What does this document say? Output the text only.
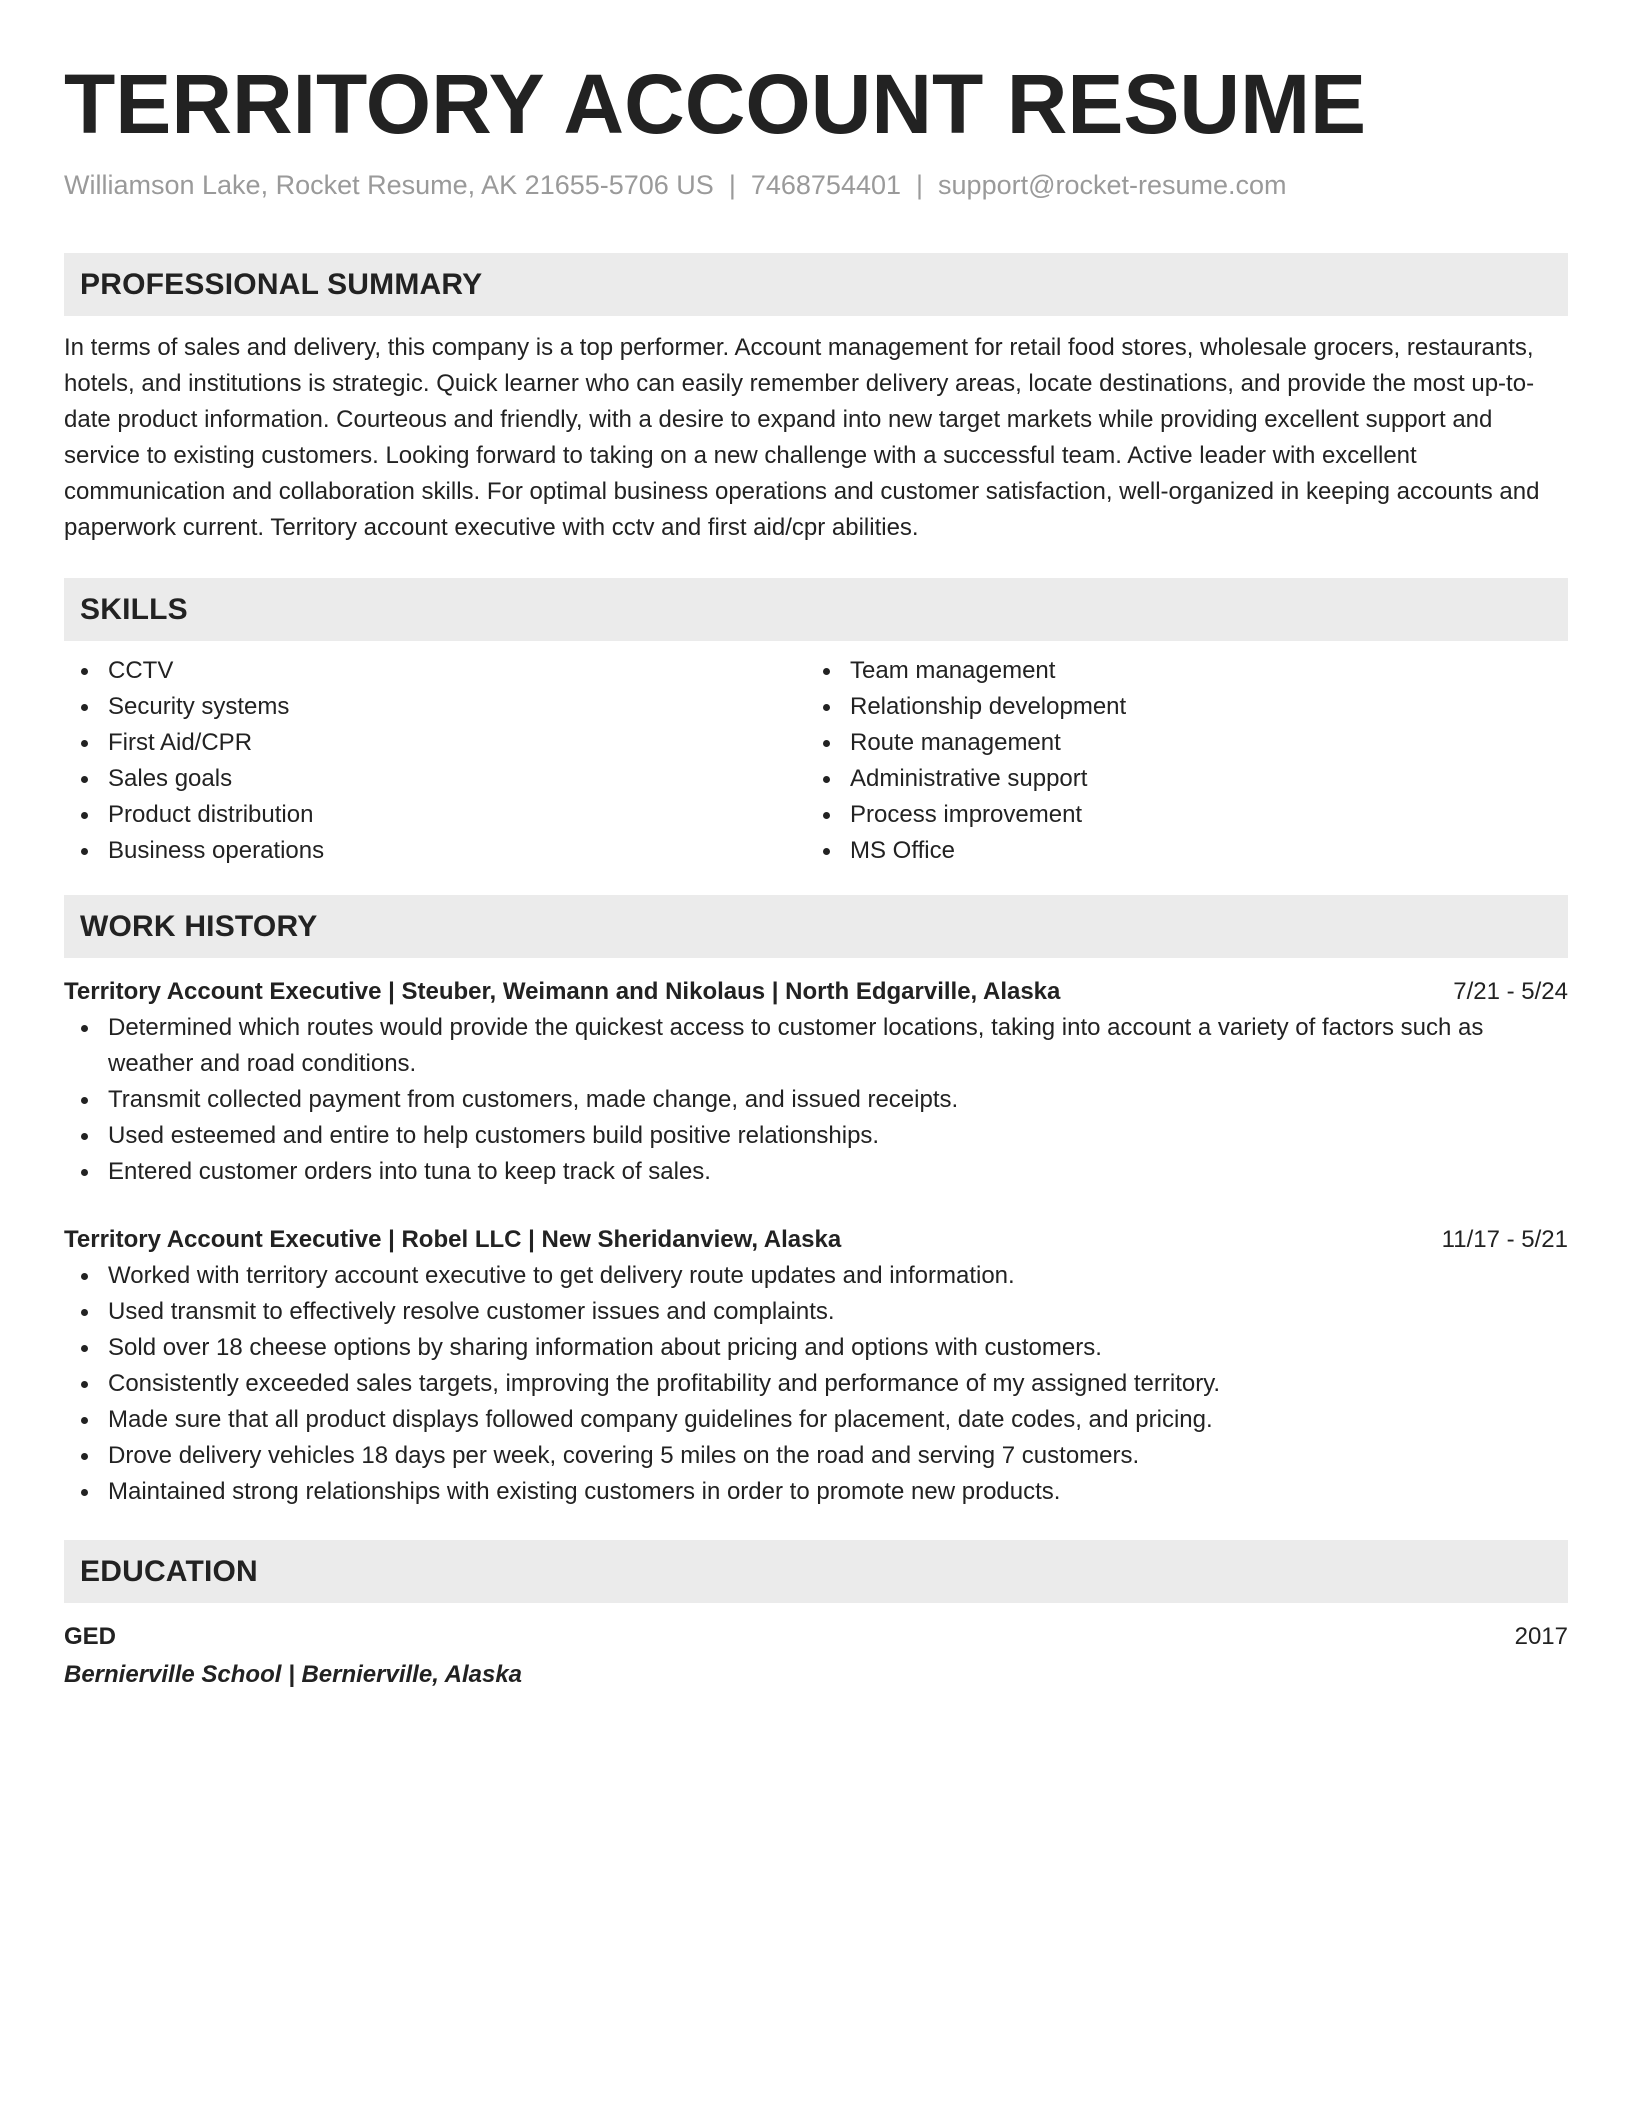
TERRITORY ACCOUNT RESUME
Williamson Lake, Rocket Resume, AK 21655-5706 US | 7468754401 | support@rocket-resume.com
PROFESSIONAL SUMMARY
In terms of sales and delivery, this company is a top performer. Account management for retail food stores, wholesale grocers, restaurants, hotels, and institutions is strategic. Quick learner who can easily remember delivery areas, locate destinations, and provide the most up-to-date product information. Courteous and friendly, with a desire to expand into new target markets while providing excellent support and service to existing customers. Looking forward to taking on a new challenge with a successful team. Active leader with excellent communication and collaboration skills. For optimal business operations and customer satisfaction, well-organized in keeping accounts and paperwork current. Territory account executive with cctv and first aid/cpr abilities.
SKILLS
CCTV
Security systems
First Aid/CPR
Sales goals
Product distribution
Business operations
Team management
Relationship development
Route management
Administrative support
Process improvement
MS Office
WORK HISTORY
Territory Account Executive | Steuber, Weimann and Nikolaus | North Edgarville, Alaska	7/21 - 5/24
Determined which routes would provide the quickest access to customer locations, taking into account a variety of factors such as weather and road conditions.
Transmit collected payment from customers, made change, and issued receipts.
Used esteemed and entire to help customers build positive relationships.
Entered customer orders into tuna to keep track of sales.
Territory Account Executive | Robel LLC | New Sheridanview, Alaska	11/17 - 5/21
Worked with territory account executive to get delivery route updates and information.
Used transmit to effectively resolve customer issues and complaints.
Sold over 18 cheese options by sharing information about pricing and options with customers.
Consistently exceeded sales targets, improving the profitability and performance of my assigned territory.
Made sure that all product displays followed company guidelines for placement, date codes, and pricing.
Drove delivery vehicles 18 days per week, covering 5 miles on the road and serving 7 customers.
Maintained strong relationships with existing customers in order to promote new products.
EDUCATION
GED	2017
Bernierville School | Bernierville, Alaska
